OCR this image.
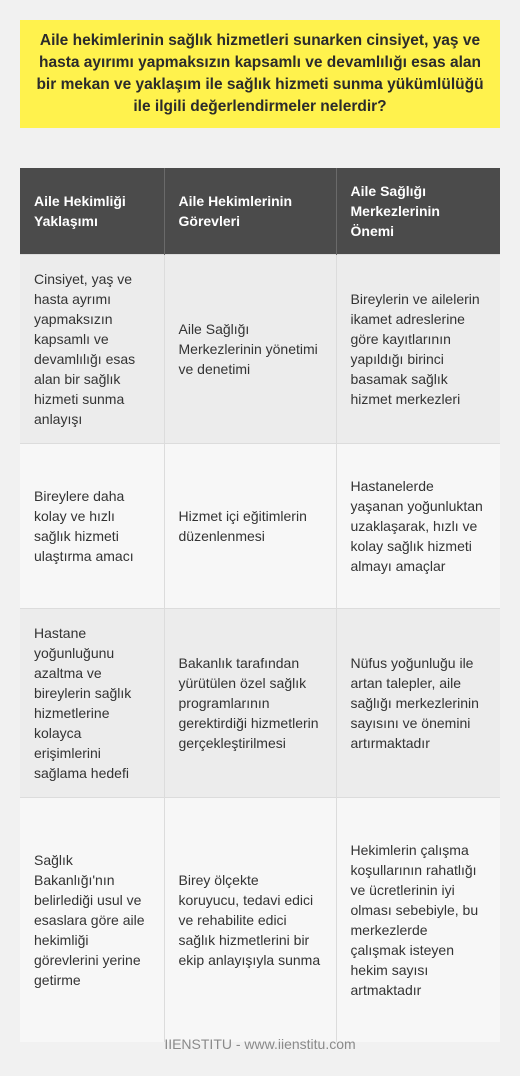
Aile hekimlerinin sağlık hizmetleri sunarken cinsiyet, yaş ve hasta ayırımı yapmaksızın kapsamlı ve devamlılığı esas alan bir mekan ve yaklaşım ile sağlık hizmeti sunma yükümlülüğü ile ilgili değerlendirmeler nelerdir?
Aile Hekimliği Yaklaşımı	Aile Hekimlerinin Görevleri	Aile Sağlığı Merkezlerinin Önemi
Cinsiyet, yaş ve hasta ayrımı yapmaksızın kapsamlı ve devamlılığı esas alan bir sağlık hizmeti sunma anlayışı	Aile Sağlığı Merkezlerinin yönetimi ve denetimi	Bireylerin ve ailelerin ikamet adreslerine göre kayıtlarının yapıldığı birinci basamak sağlık hizmet merkezleri
Bireylere daha kolay ve hızlı sağlık hizmeti ulaştırma amacı	Hizmet içi eğitimlerin düzenlenmesi	Hastanelerde yaşanan yoğunluktan uzaklaşarak, hızlı ve kolay sağlık hizmeti almayı amaçlar
Hastane yoğunluğunu azaltma ve bireylerin sağlık hizmetlerine kolayca erişimlerini sağlama hedefi	Bakanlık tarafından yürütülen özel sağlık programlarının gerektirdiği hizmetlerin gerçekleştirilmesi	Nüfus yoğunluğu ile artan talepler, aile sağlığı merkezlerinin sayısını ve önemini artırmaktadır
Sağlık Bakanlığı'nın belirlediği usul ve esaslara göre aile hekimliği görevlerini yerine getirme	Birey ölçekte koruyucu, tedavi edici ve rehabilite edici sağlık hizmetlerini bir ekip anlayışıyla sunma	Hekimlerin çalışma koşullarının rahatlığı ve ücretlerinin iyi olması sebebiyle, bu merkezlerde çalışmak isteyen hekim sayısı artmaktadır
IIENSTITU - www.iienstitu.com
